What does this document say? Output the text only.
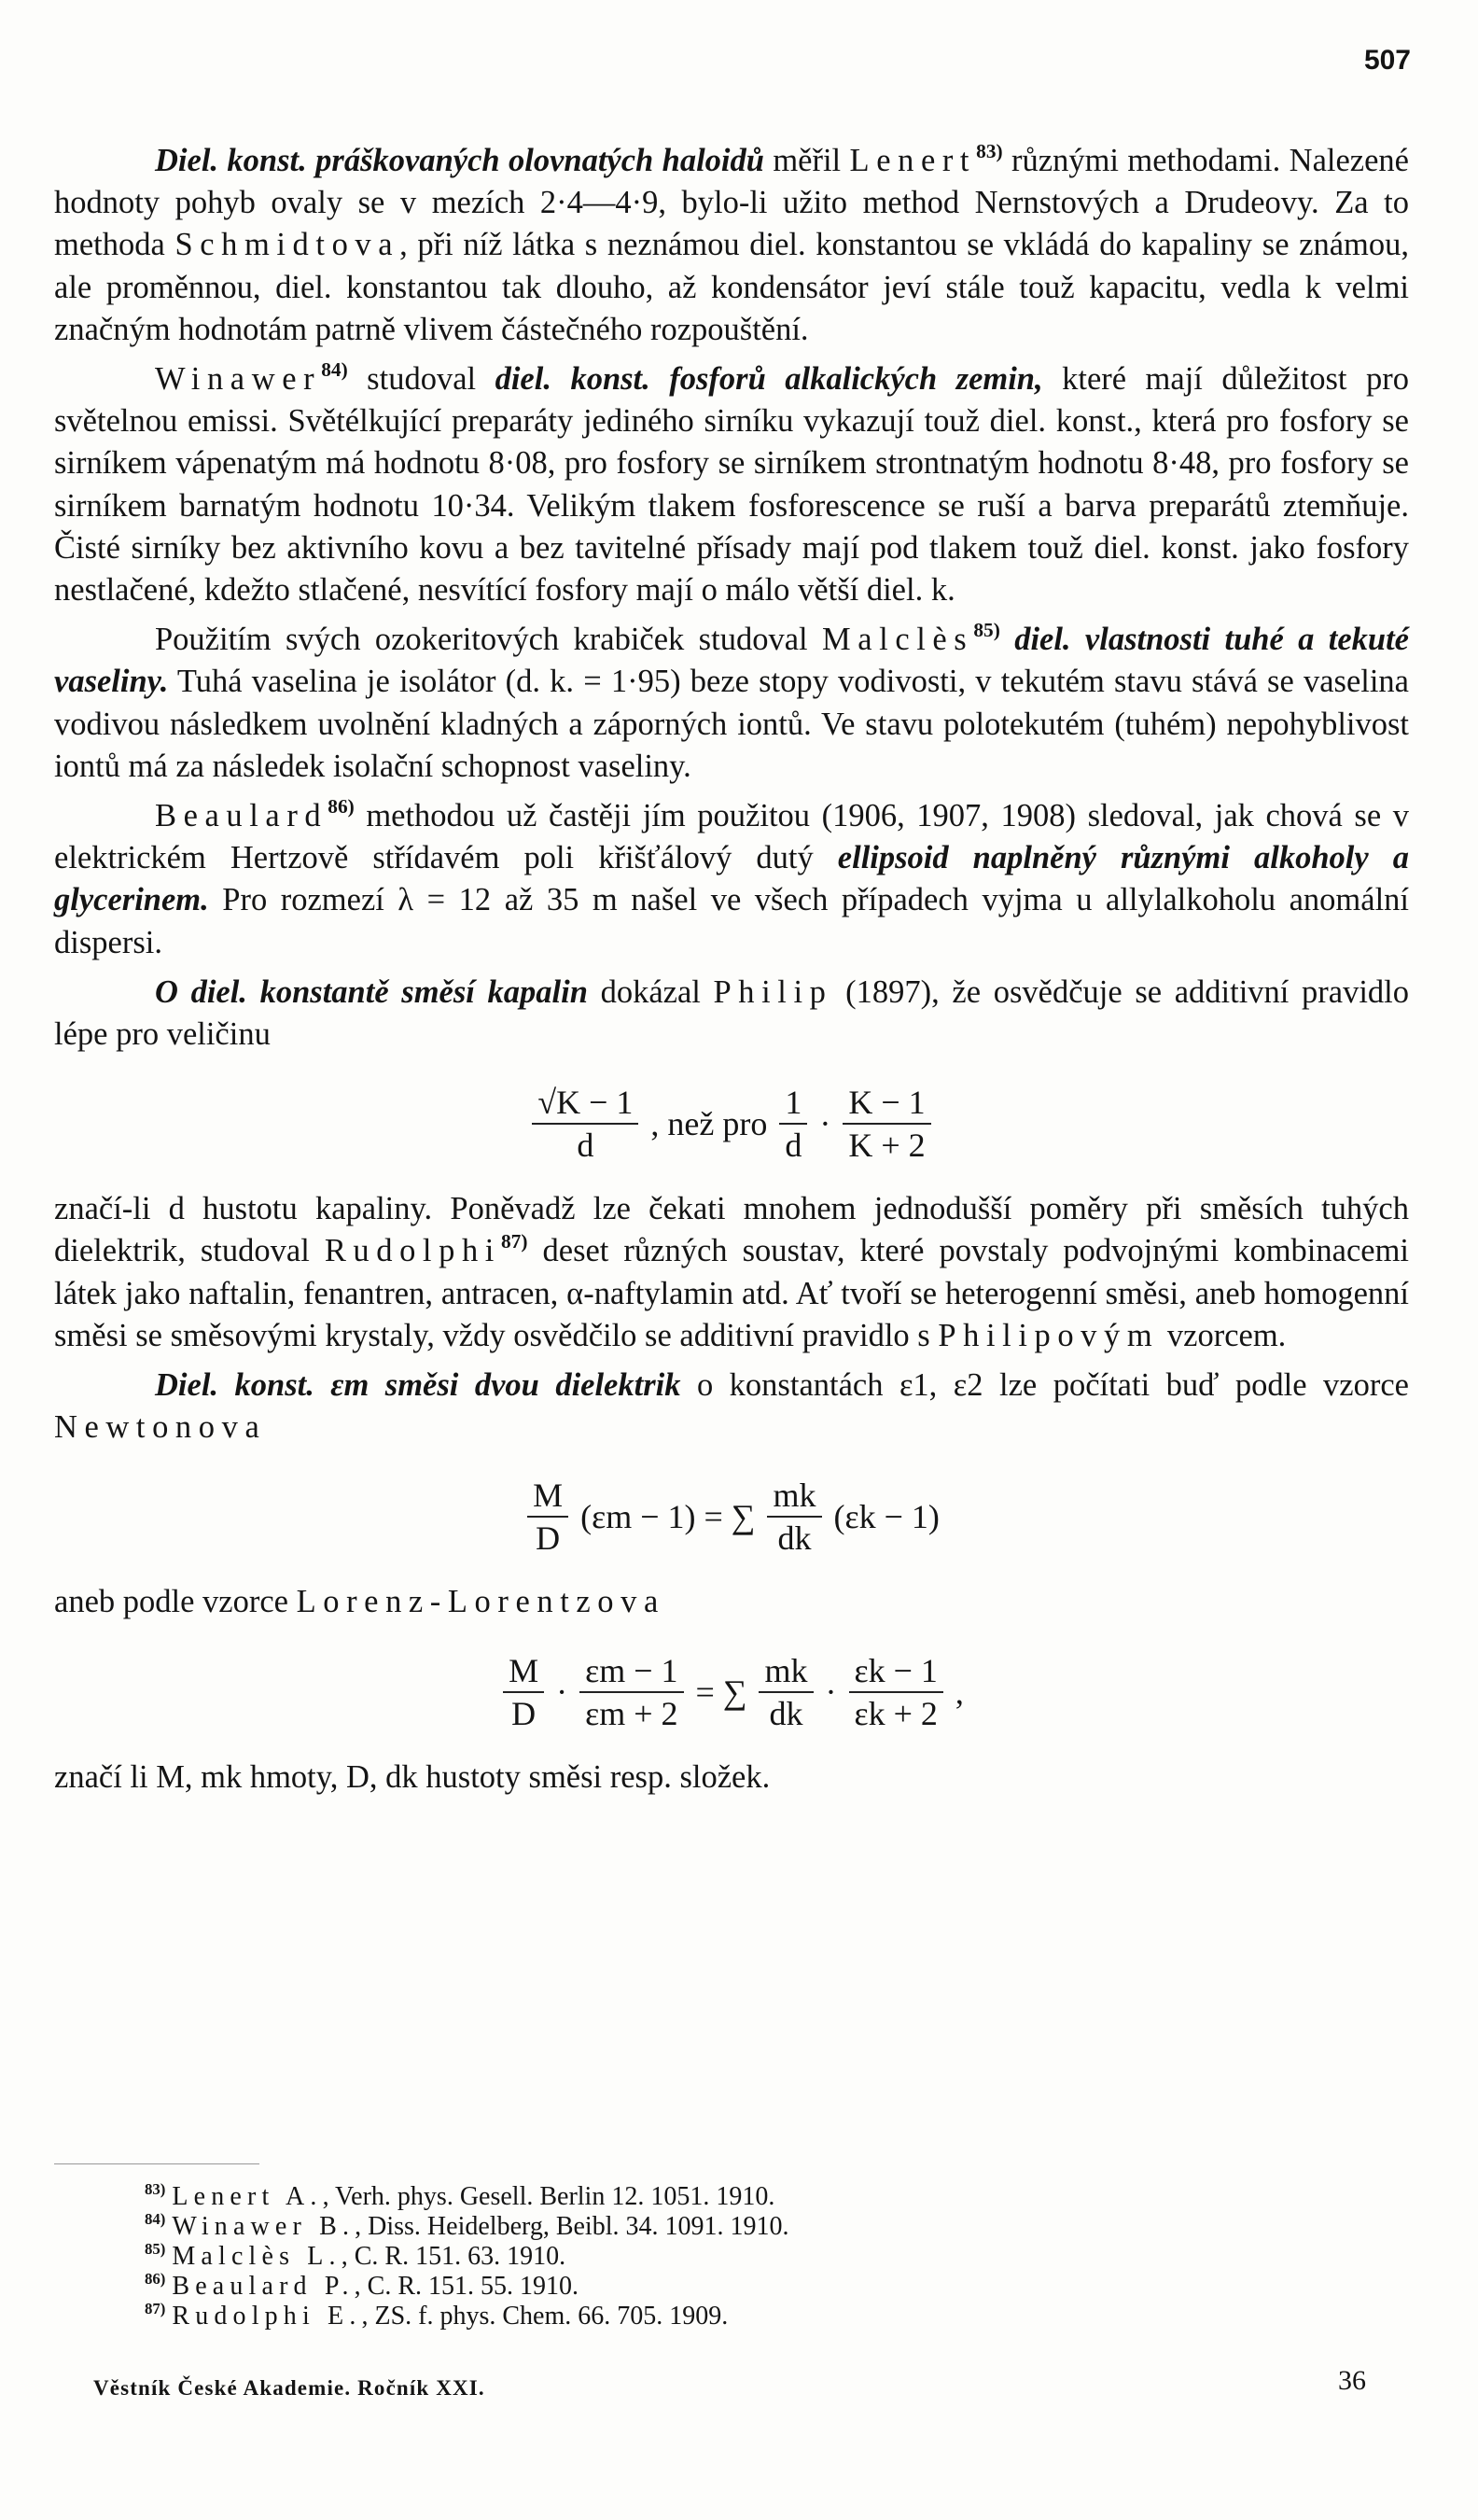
507

Diel. konst. práškovaných olovnatých haloidů měřil Lenert$^{83)}$ různými methodami. Nalezené hodnoty pohyb ovaly se v mezích 2·4—4·9, bylo-li užito method Nernstových a Drudeovy. Za to methoda Schmidtova, při níž látka s neznámou diel. konstantou se vkládá do kapaliny se známou, ale proměnnou, diel. konstantou tak dlouho, až kondensátor jeví stále touž kapacitu, vedla k velmi značným hodnotám patrně vlivem částečného rozpouštění.

Winawer$^{84)}$ studoval diel. konst. fosforů alkalických zemin, které mají důležitost pro světelnou emissi. Světélkující preparáty jediného sirníku vykazují touž diel. konst., která pro fosfory se sirníkem vápenatým má hodnotu 8·08, pro fosfory se sirníkem strontnatým hodnotu 8·48, pro fosfory se sirníkem barnatým hodnotu 10·34. Velikým tlakem fosforescence se ruší a barva preparátů ztemňuje. Čisté sirníky bez aktivního kovu a bez tavitelné přísady mají pod tlakem touž diel. konst. jako fosfory nestlačené, kdežto stlačené, nesvítící fosfory mají o málo větší diel. k.

Použitím svých ozokeritových krabiček studoval Malclès$^{85)}$ diel. vlastnosti tuhé a tekuté vaseliny. Tuhá vaselina je isolátor (d. k. = 1·95) beze stopy vodivosti, v tekutém stavu stává se vaselina vodivou následkem uvolnění kladných a záporných iontů. Ve stavu polotekutém (tuhém) nepohyblivost iontů má za následek isolační schopnost vaseliny.

Beaulard$^{86)}$ methodou už častěji jím použitou (1906, 1907, 1908) sledoval, jak chová se v elektrickém Hertzově střídavém poli křišťálový dutý ellipsoid naplněný různými alkoholy a glycerinem. Pro rozmezí λ = 12 až 35 m našel ve všech případech vyjma u allylalkoholu anomální dispersi.

O diel. konstantě směsí kapalin dokázal Philip (1897), že osvědčuje se additivní pravidlo lépe pro veličinu

$\frac{√K - 1}{d}$ , než pro $\frac{1}{d} \cdot \frac{K - 1}{K + 2}$

značí-li d hustotu kapaliny. Poněvadž lze čekati mnohem jednodušší poměry při směsích tuhých dielektrik, studoval Rudolphi$^{87)}$ deset různých soustav, které povstaly podvojnými kombinacemi látek jako naftalin, fenantren, antracen, α-naftylamin atd. Ať tvoří se heterogenní směsi, aneb homogenní směsi se směsovými krystaly, vždy osvědčilo se additivní pravidlo s Philipovým vzorcem.

Diel. konst. εm směsi dvou dielektrik o konstantách ε1, ε2 lze počítati buď podle vzorce Newtonova

$\frac{M}{D} (\varepsilon m - 1)$ = ∑ $\frac{mk}{dk} (\varepsilon k - 1)$

aneb podle vzorce Lorenz-Lorentzova

$\frac{M}{D} \cdot \frac{\varepsilon m - 1}{\varepsilon m + 2}$ = ∑ $\frac{mk}{dk} \cdot \frac{\varepsilon k - 1}{\varepsilon k + 2}$ ,

značí li M, mk hmoty, D, dk hustoty směsi resp. složek.

$^{83)}$ Lenert A., Verh. phys. Gesell. Berlin 12. 1051. 1910.
$^{84)}$ Winawer B., Diss. Heidelberg, Beibl. 34. 1091. 1910.
$^{85)}$ Malclès L., C. R. 151. 63. 1910.
$^{86)}$ Beaulard P., C. R. 151. 55. 1910.
$^{87)}$ Rudolphi E., ZS. f. phys. Chem. 66. 705. 1909.
Věstník České Akademie. Ročník XXI.	36
